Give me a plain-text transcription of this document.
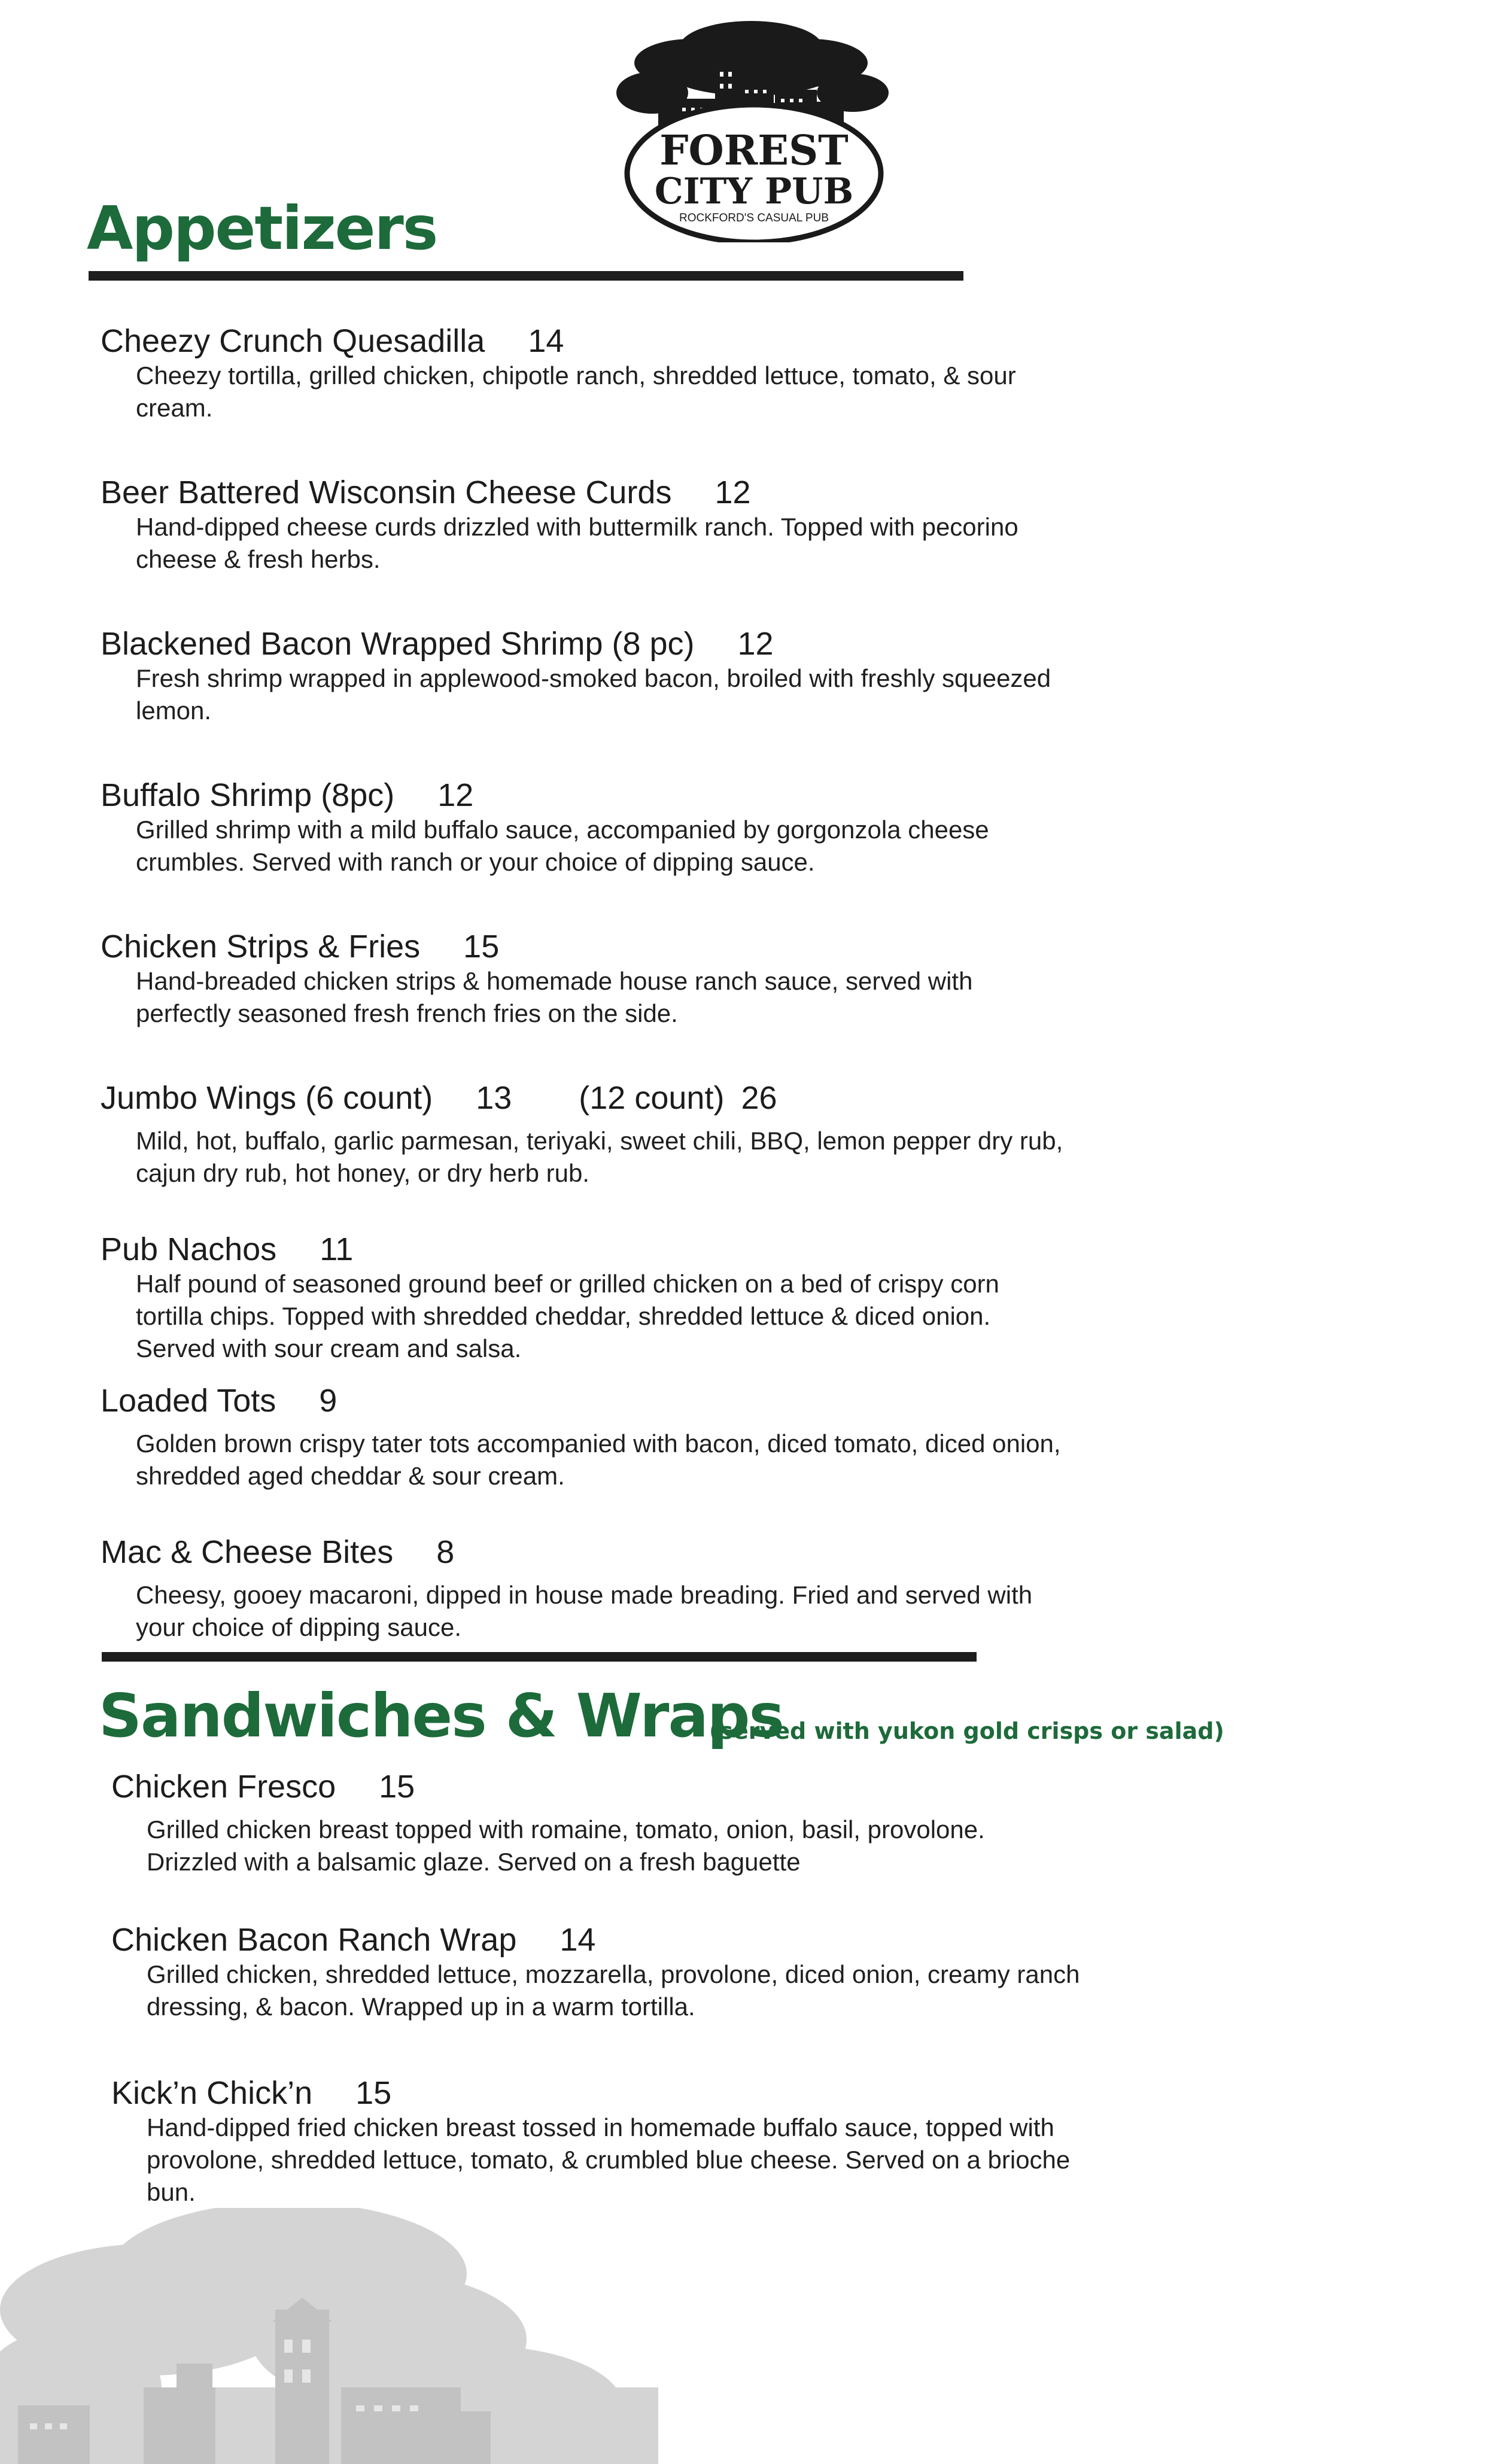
FOREST
CITY PUB
ROCKFORD'S CASUAL PUB
Appetizers

Cheezy Crunch Quesadilla 14

Cheezy tortilla, grilled chicken, chipotle ranch, shredded lettuce, tomato, & sour cream.

Beer Battered Wisconsin Cheese Curds 12

Hand-dipped cheese curds drizzled with buttermilk ranch. Topped with pecorino cheese & fresh herbs.

Blackened Bacon Wrapped Shrimp (8 pc) 12

Fresh shrimp wrapped in applewood-smoked bacon, broiled with freshly squeezed lemon.

Buffalo Shrimp (8pc) 12

Grilled shrimp with a mild buffalo sauce, accompanied by gorgonzola cheese crumbles. Served with ranch or your choice of dipping sauce.

Chicken Strips & Fries 15

Hand-breaded chicken strips & homemade house ranch sauce, served with perfectly seasoned fresh french fries on the side.

Jumbo Wings (6 count) 13 (12 count) 26

Mild, hot, buffalo, garlic parmesan, teriyaki, sweet chili, BBQ, lemon pepper dry rub, cajun dry rub, hot honey, or dry herb rub.

Pub Nachos 11

Half pound of seasoned ground beef or grilled chicken on a bed of crispy corn tortilla chips. Topped with shredded cheddar, shredded lettuce & diced onion. Served with sour cream and salsa.

Loaded Tots 9

Golden brown crispy tater tots accompanied with bacon, diced tomato, diced onion, shredded aged cheddar & sour cream.

Mac & Cheese Bites 8

Cheesy, gooey macaroni, dipped in house made breading. Fried and served with your choice of dipping sauce.

Sandwiches & Wraps
(served with yukon gold crisps or salad)

Chicken Fresco 15

Grilled chicken breast topped with romaine, tomato, onion, basil, provolone. Drizzled with a balsamic glaze. Served on a fresh baguette

Chicken Bacon Ranch Wrap 14

Grilled chicken, shredded lettuce, mozzarella, provolone, diced onion, creamy ranch dressing, & bacon. Wrapped up in a warm tortilla.

Kick’n Chick’n 15

Hand-dipped fried chicken breast tossed in homemade buffalo sauce, topped with provolone, shredded lettuce, tomato, & crumbled blue cheese. Served on a brioche bun.
